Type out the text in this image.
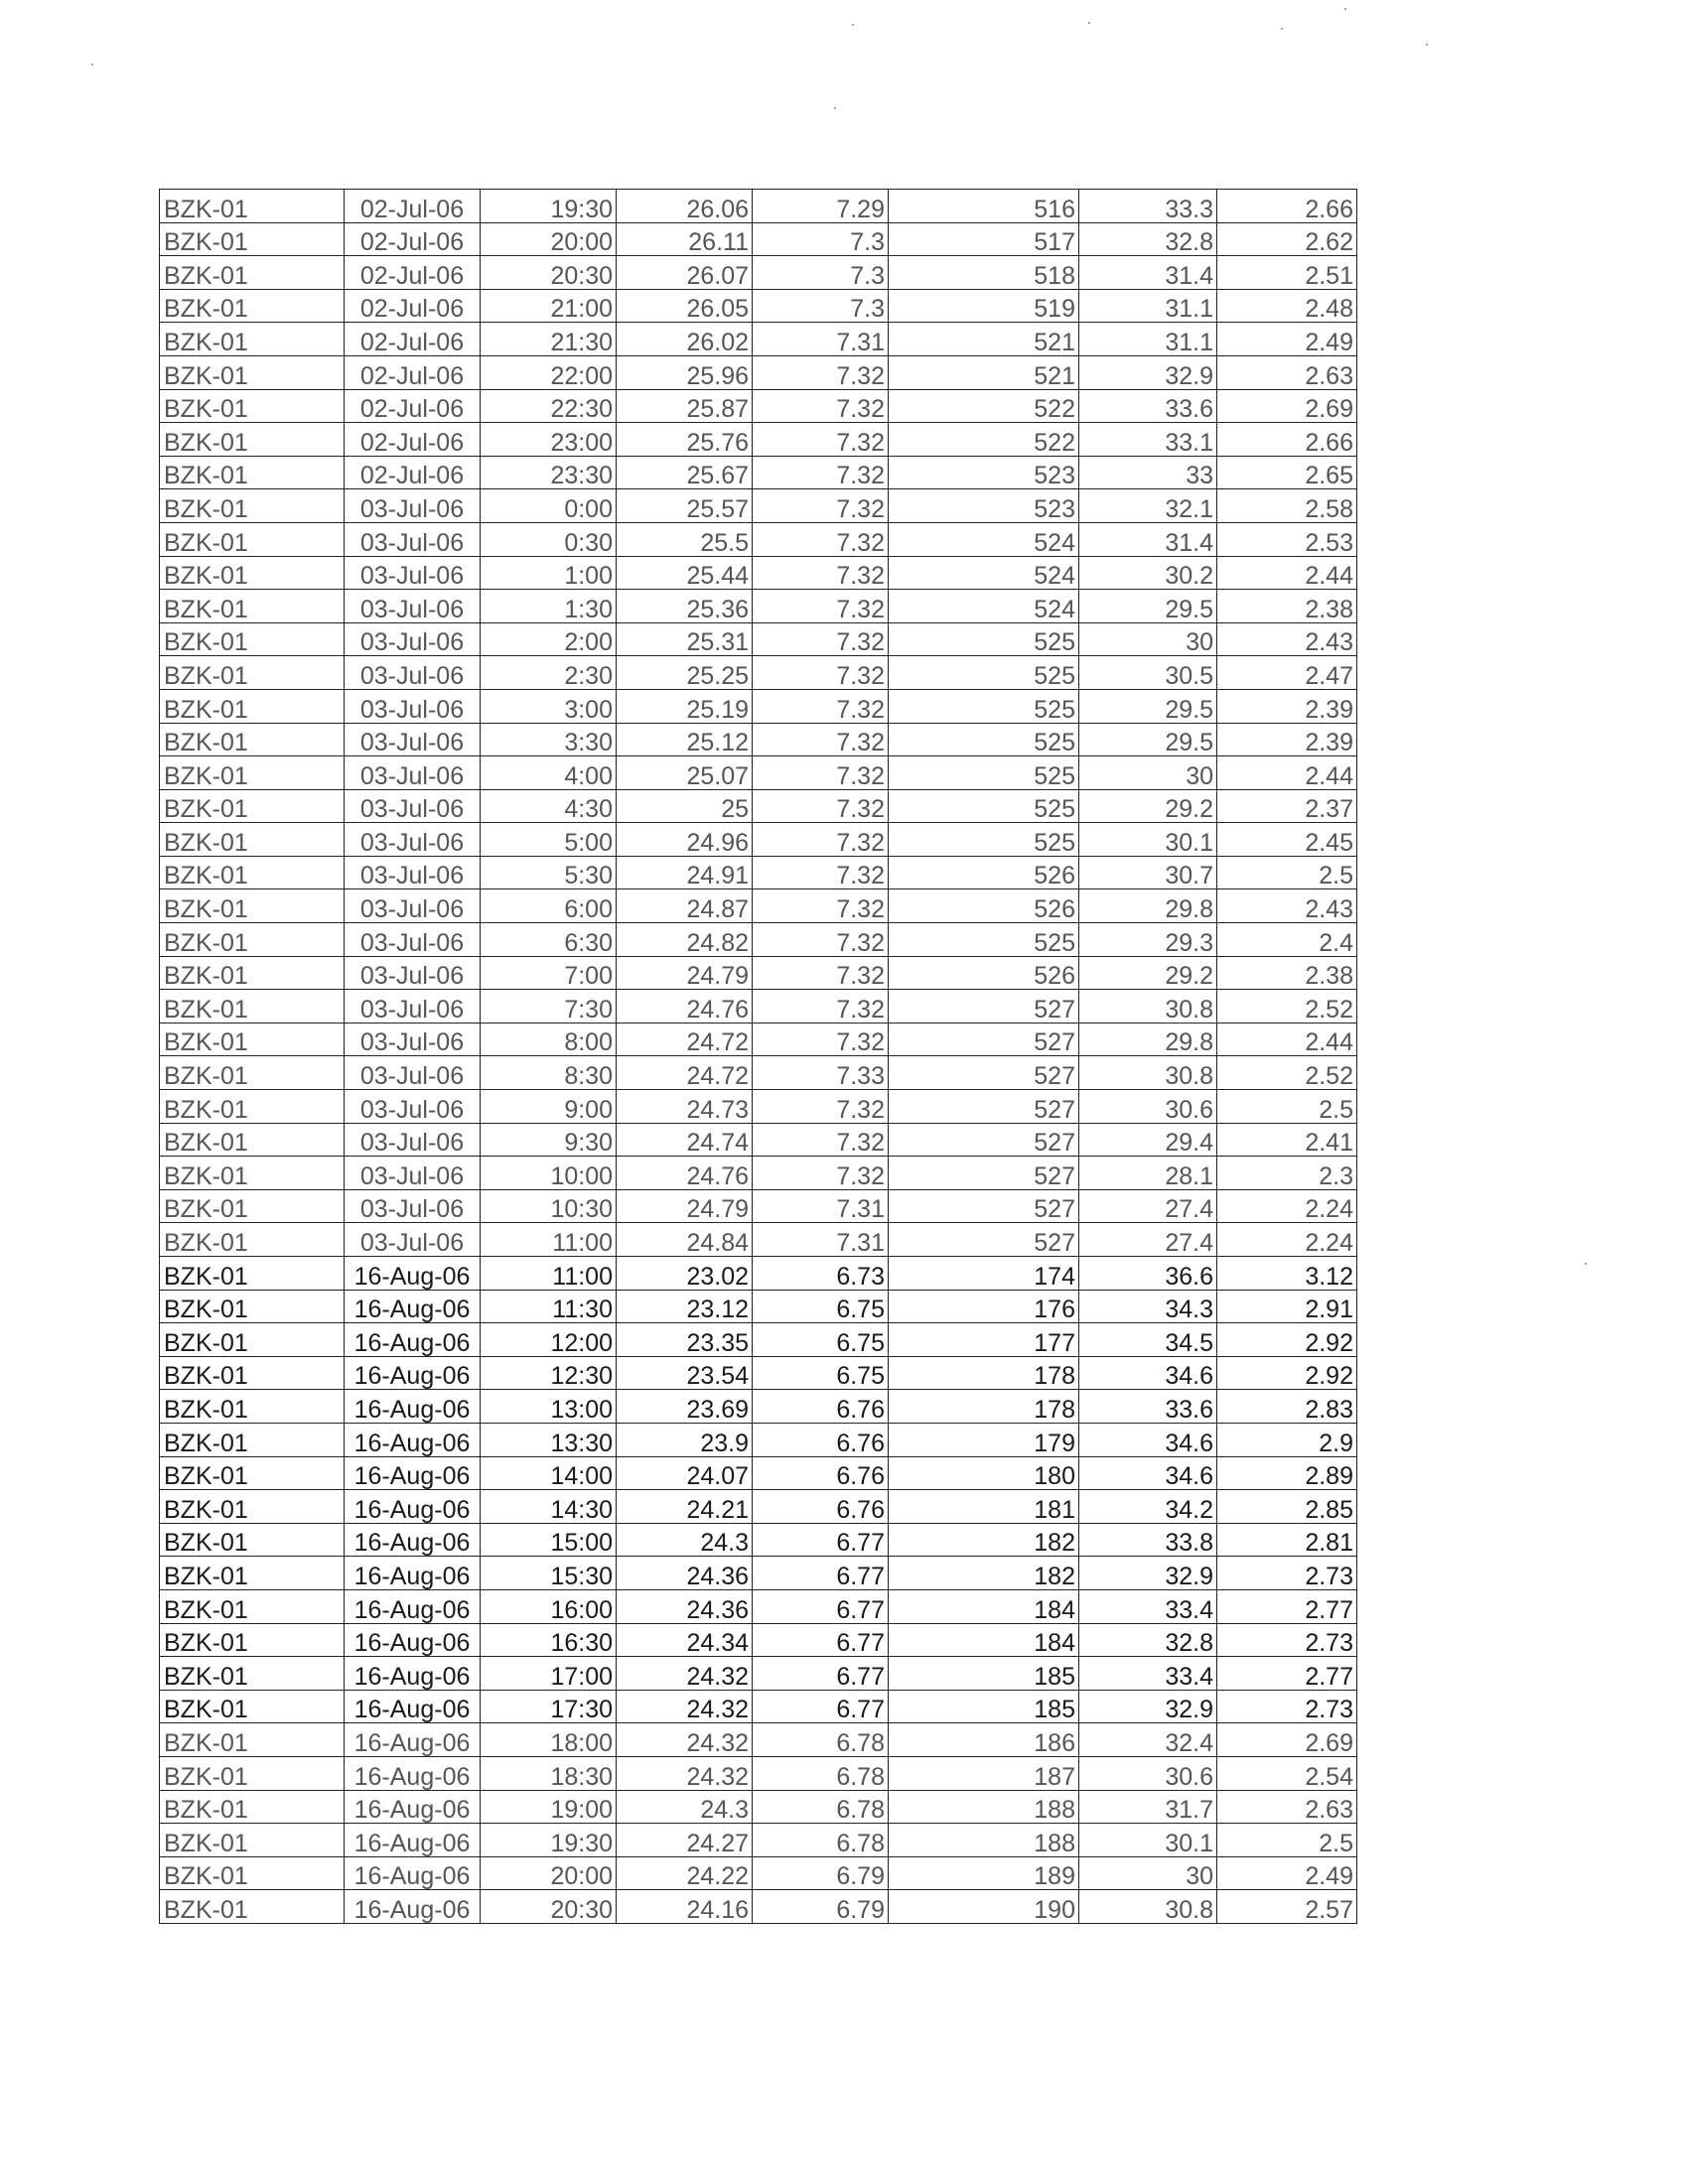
BZK-01	02-Jul-06	19:30	26.06	7.29	516	33.3	2.66
BZK-01	02-Jul-06	20:00	26.11	7.3	517	32.8	2.62
BZK-01	02-Jul-06	20:30	26.07	7.3	518	31.4	2.51
BZK-01	02-Jul-06	21:00	26.05	7.3	519	31.1	2.48
BZK-01	02-Jul-06	21:30	26.02	7.31	521	31.1	2.49
BZK-01	02-Jul-06	22:00	25.96	7.32	521	32.9	2.63
BZK-01	02-Jul-06	22:30	25.87	7.32	522	33.6	2.69
BZK-01	02-Jul-06	23:00	25.76	7.32	522	33.1	2.66
BZK-01	02-Jul-06	23:30	25.67	7.32	523	33	2.65
BZK-01	03-Jul-06	0:00	25.57	7.32	523	32.1	2.58
BZK-01	03-Jul-06	0:30	25.5	7.32	524	31.4	2.53
BZK-01	03-Jul-06	1:00	25.44	7.32	524	30.2	2.44
BZK-01	03-Jul-06	1:30	25.36	7.32	524	29.5	2.38
BZK-01	03-Jul-06	2:00	25.31	7.32	525	30	2.43
BZK-01	03-Jul-06	2:30	25.25	7.32	525	30.5	2.47
BZK-01	03-Jul-06	3:00	25.19	7.32	525	29.5	2.39
BZK-01	03-Jul-06	3:30	25.12	7.32	525	29.5	2.39
BZK-01	03-Jul-06	4:00	25.07	7.32	525	30	2.44
BZK-01	03-Jul-06	4:30	25	7.32	525	29.2	2.37
BZK-01	03-Jul-06	5:00	24.96	7.32	525	30.1	2.45
BZK-01	03-Jul-06	5:30	24.91	7.32	526	30.7	2.5
BZK-01	03-Jul-06	6:00	24.87	7.32	526	29.8	2.43
BZK-01	03-Jul-06	6:30	24.82	7.32	525	29.3	2.4
BZK-01	03-Jul-06	7:00	24.79	7.32	526	29.2	2.38
BZK-01	03-Jul-06	7:30	24.76	7.32	527	30.8	2.52
BZK-01	03-Jul-06	8:00	24.72	7.32	527	29.8	2.44
BZK-01	03-Jul-06	8:30	24.72	7.33	527	30.8	2.52
BZK-01	03-Jul-06	9:00	24.73	7.32	527	30.6	2.5
BZK-01	03-Jul-06	9:30	24.74	7.32	527	29.4	2.41
BZK-01	03-Jul-06	10:00	24.76	7.32	527	28.1	2.3
BZK-01	03-Jul-06	10:30	24.79	7.31	527	27.4	2.24
BZK-01	03-Jul-06	11:00	24.84	7.31	527	27.4	2.24
BZK-01	16-Aug-06	11:00	23.02	6.73	174	36.6	3.12
BZK-01	16-Aug-06	11:30	23.12	6.75	176	34.3	2.91
BZK-01	16-Aug-06	12:00	23.35	6.75	177	34.5	2.92
BZK-01	16-Aug-06	12:30	23.54	6.75	178	34.6	2.92
BZK-01	16-Aug-06	13:00	23.69	6.76	178	33.6	2.83
BZK-01	16-Aug-06	13:30	23.9	6.76	179	34.6	2.9
BZK-01	16-Aug-06	14:00	24.07	6.76	180	34.6	2.89
BZK-01	16-Aug-06	14:30	24.21	6.76	181	34.2	2.85
BZK-01	16-Aug-06	15:00	24.3	6.77	182	33.8	2.81
BZK-01	16-Aug-06	15:30	24.36	6.77	182	32.9	2.73
BZK-01	16-Aug-06	16:00	24.36	6.77	184	33.4	2.77
BZK-01	16-Aug-06	16:30	24.34	6.77	184	32.8	2.73
BZK-01	16-Aug-06	17:00	24.32	6.77	185	33.4	2.77
BZK-01	16-Aug-06	17:30	24.32	6.77	185	32.9	2.73
BZK-01	16-Aug-06	18:00	24.32	6.78	186	32.4	2.69
BZK-01	16-Aug-06	18:30	24.32	6.78	187	30.6	2.54
BZK-01	16-Aug-06	19:00	24.3	6.78	188	31.7	2.63
BZK-01	16-Aug-06	19:30	24.27	6.78	188	30.1	2.5
BZK-01	16-Aug-06	20:00	24.22	6.79	189	30	2.49
BZK-01	16-Aug-06	20:30	24.16	6.79	190	30.8	2.57
